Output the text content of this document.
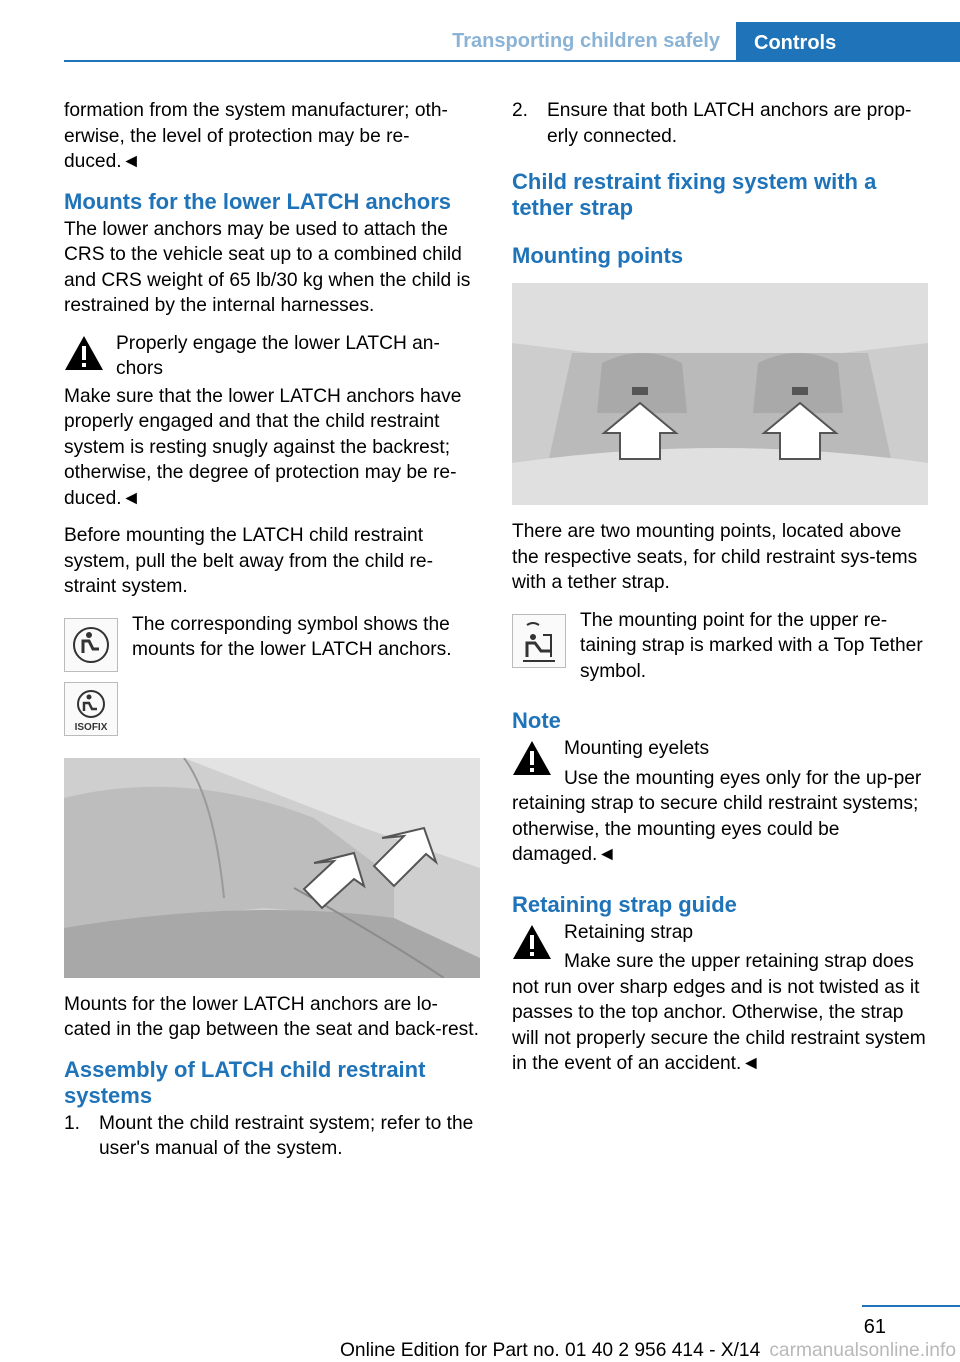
Transporting children safely	Controls

formation from the system manufacturer; oth-erwise, the level of protection may be re-duced.◄

Mounts for the lower LATCH anchors

The lower anchors may be used to attach the CRS to the vehicle seat up to a combined child and CRS weight of 65 lb/30 kg when the child is restrained by the internal harnesses.

Properly engage the lower LATCH an-chors

Make sure that the lower LATCH anchors have properly engaged and that the child restraint system is resting snugly against the backrest; otherwise, the degree of protection may be re-duced.◄

Before mounting the LATCH child restraint system, pull the belt away from the child re-straint system.

The corresponding symbol shows the mounts for the lower LATCH anchors.

ISOFIX

Mounts for the lower LATCH anchors are lo-cated in the gap between the seat and back-rest.

Assembly of LATCH child restraint systems
1. Mount the child restraint system; refer to the user's manual of the system.
2. Ensure that both LATCH anchors are prop-erly connected.
Child restraint fixing system with a tether strap
Mounting points

There are two mounting points, located above the respective seats, for child restraint sys-tems with a tether strap.

The mounting point for the upper re-taining strap is marked with a Top Tether symbol.

Note

Mounting eyelets

Use the mounting eyes only for the up-per retaining strap to secure child restraint systems; otherwise, the mounting eyes could be damaged.◄

Retaining strap guide

Retaining strap

Make sure the upper retaining strap does not run over sharp edges and is not twisted as it passes to the top anchor. Otherwise, the strap will not properly secure the child restraint system in the event of an accident.◄

61
Online Edition for Part no. 01 40 2 956 414 - X/14 carmanualsonline.info
